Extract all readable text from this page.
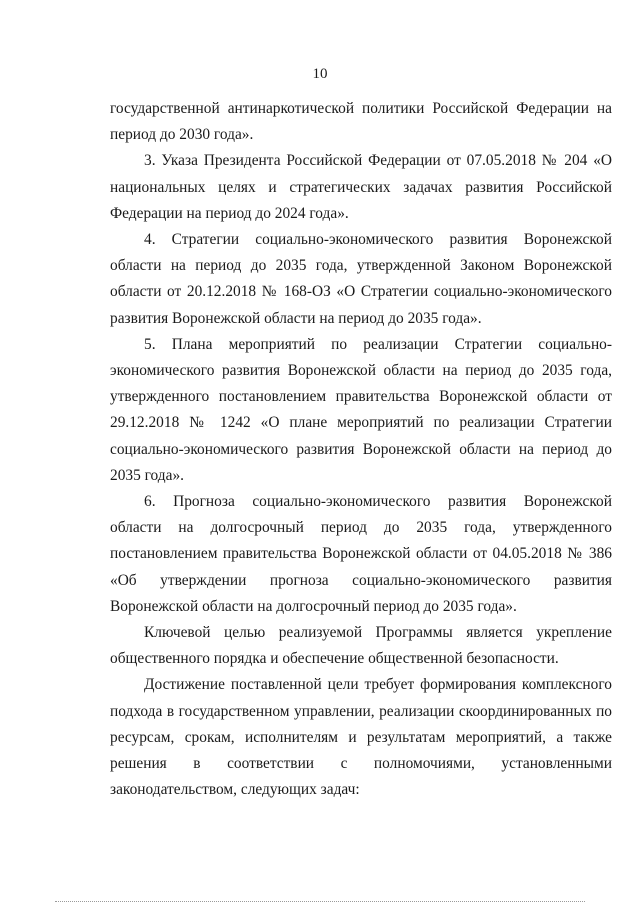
10

государственной антинаркотической политики Российской Федерации на период до 2030 года».

3. Указа Президента Российской Федерации от 07.05.2018 № 204 «О национальных целях и стратегических задачах развития Российской Федерации на период до 2024 года».

4. Стратегии социально-экономического развития Воронежской области на период до 2035 года, утвержденной Законом Воронежской области от 20.12.2018 № 168-ОЗ «О Стратегии социально-экономического развития Воронежской области на период до 2035 года».

5. Плана мероприятий по реализации Стратегии социально-экономического развития Воронежской области на период до 2035 года, утвержденного постановлением правительства Воронежской области от 29.12.2018 № 1242 «О плане мероприятий по реализации Стратегии социально-экономического развития Воронежской области на период до 2035 года».

6. Прогноза социально-экономического развития Воронежской области на долгосрочный период до 2035 года, утвержденного постановлением правительства Воронежской области от 04.05.2018 № 386 «Об утверждении прогноза социально-экономического развития Воронежской области на долгосрочный период до 2035 года».

Ключевой целью реализуемой Программы является укрепление общественного порядка и обеспечение общественной безопасности.

Достижение поставленной цели требует формирования комплексного подхода в государственном управлении, реализации скоординированных по ресурсам, срокам, исполнителям и результатам мероприятий, а также решения в соответствии с полномочиями, установленными законодательством, следующих задач:
